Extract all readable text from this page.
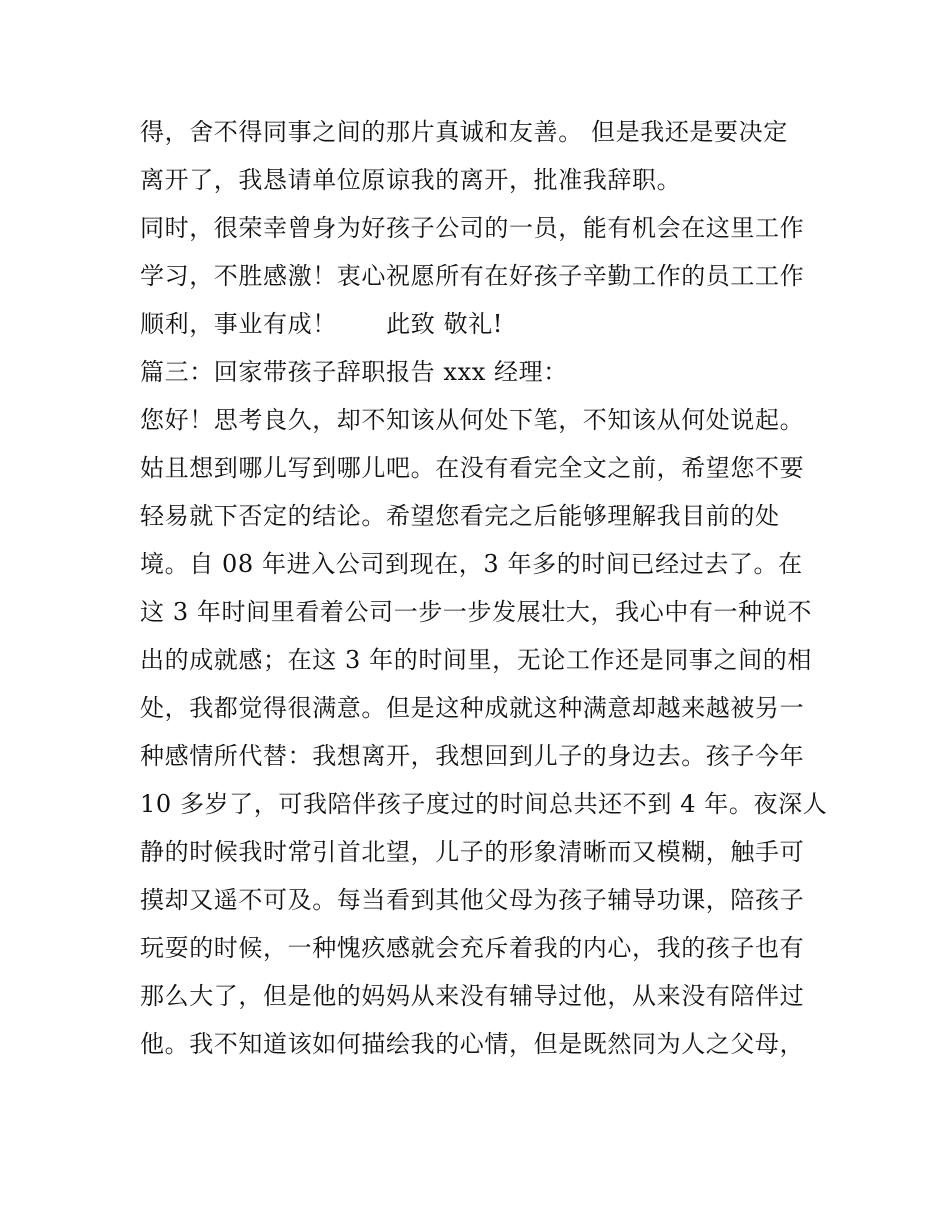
得，舍不得同事之间的那片真诚和友善。 但是我还是要决定
离开了，我恳请单位原谅我的离开，批准我辞职。
同时，很荣幸曾身为好孩子公司的一员，能有机会在这里工作
学习，不胜感激！衷心祝愿所有在好孩子辛勤工作的员工工作
顺利，事业有成！      此致 敬礼!
篇三：回家带孩子辞职报告 xxx 经理：
您好！思考良久，却不知该从何处下笔，不知该从何处说起。
姑且想到哪儿写到哪儿吧。在没有看完全文之前，希望您不要
轻易就下否定的结论。希望您看完之后能够理解我目前的处
境。自 08 年进入公司到现在，3 年多的时间已经过去了。在
这 3 年时间里看着公司一步一步发展壮大，我心中有一种说不
出的成就感；在这 3 年的时间里，无论工作还是同事之间的相
处，我都觉得很满意。但是这种成就这种满意却越来越被另一
种感情所代替：我想离开，我想回到儿子的身边去。孩子今年
10 多岁了，可我陪伴孩子度过的时间总共还不到 4 年。夜深人
静的时候我时常引首北望，儿子的形象清晰而又模糊，触手可
摸却又遥不可及。每当看到其他父母为孩子辅导功课，陪孩子
玩耍的时候，一种愧疚感就会充斥着我的内心，我的孩子也有
那么大了，但是他的妈妈从来没有辅导过他，从来没有陪伴过
他。我不知道该如何描绘我的心情，但是既然同为人之父母，
